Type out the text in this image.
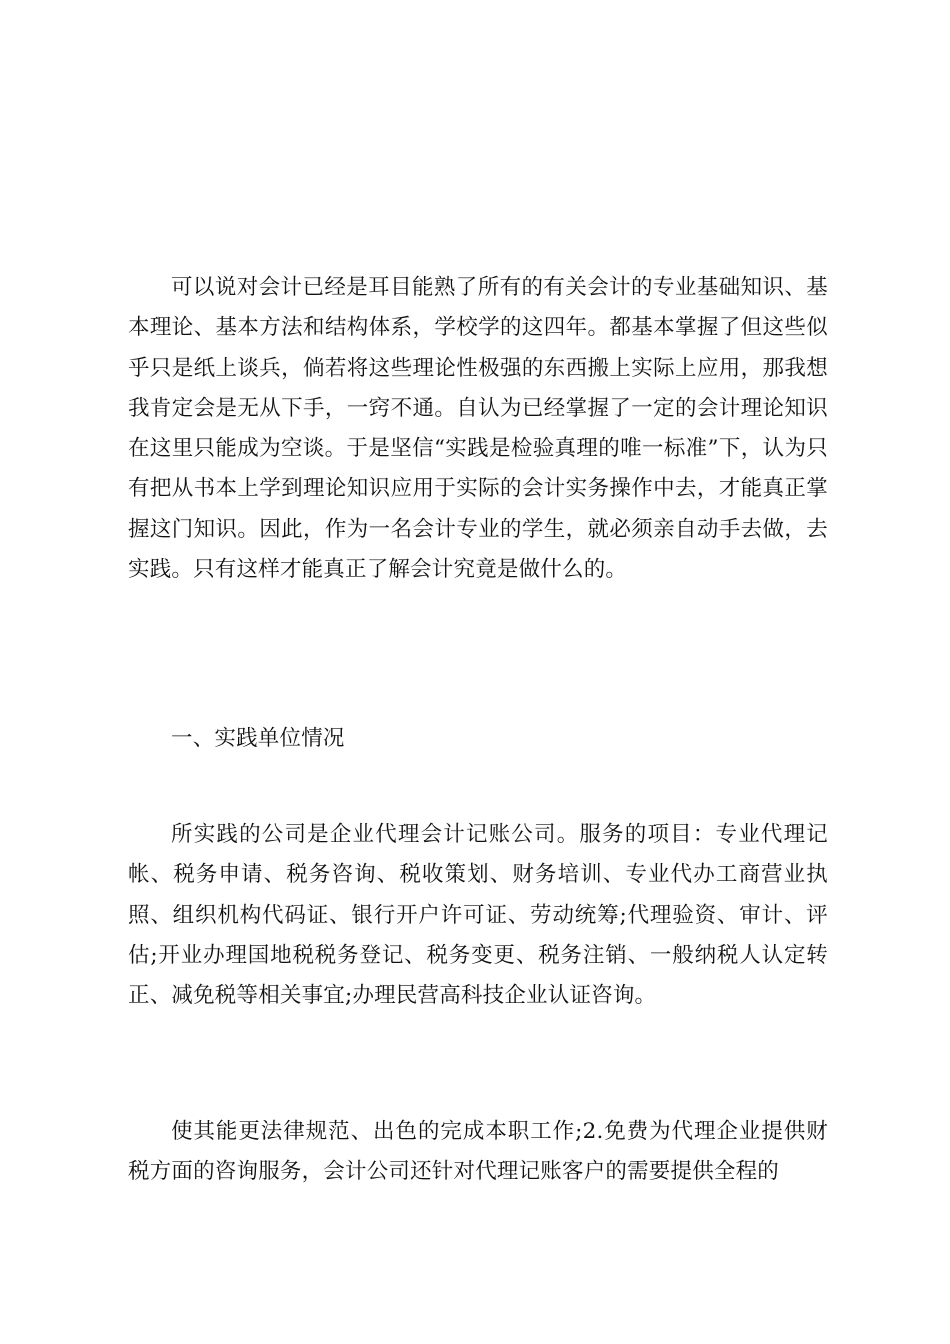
可以说对会计已经是耳目能熟了所有的有关会计的专业基础知识、基本理论、基本方法和结构体系，学校学的这四年。都基本掌握了但这些似乎只是纸上谈兵，倘若将这些理论性极强的东西搬上实际上应用，那我想我肯定会是无从下手，一窍不通。自认为已经掌握了一定的会计理论知识在这里只能成为空谈。于是坚信“实践是检验真理的唯一标准”下，认为只有把从书本上学到理论知识应用于实际的会计实务操作中去，才能真正掌握这门知识。因此，作为一名会计专业的学生，就必须亲自动手去做，去实践。只有这样才能真正了解会计究竟是做什么的。

一、实践单位情况

所实践的公司是企业代理会计记账公司。服务的项目：专业代理记帐、税务申请、税务咨询、税收策划、财务培训、专业代办工商营业执照、组织机构代码证、银行开户许可证、劳动统筹;代理验资、审计、评估;开业办理国地税税务登记、税务变更、税务注销、一般纳税人认定转正、减免税等相关事宜;办理民营高科技企业认证咨询。

使其能更法律规范、出色的完成本职工作;2.免费为代理企业提供财税方面的咨询服务，会计公司还针对代理记账客户的需要提供全程的
